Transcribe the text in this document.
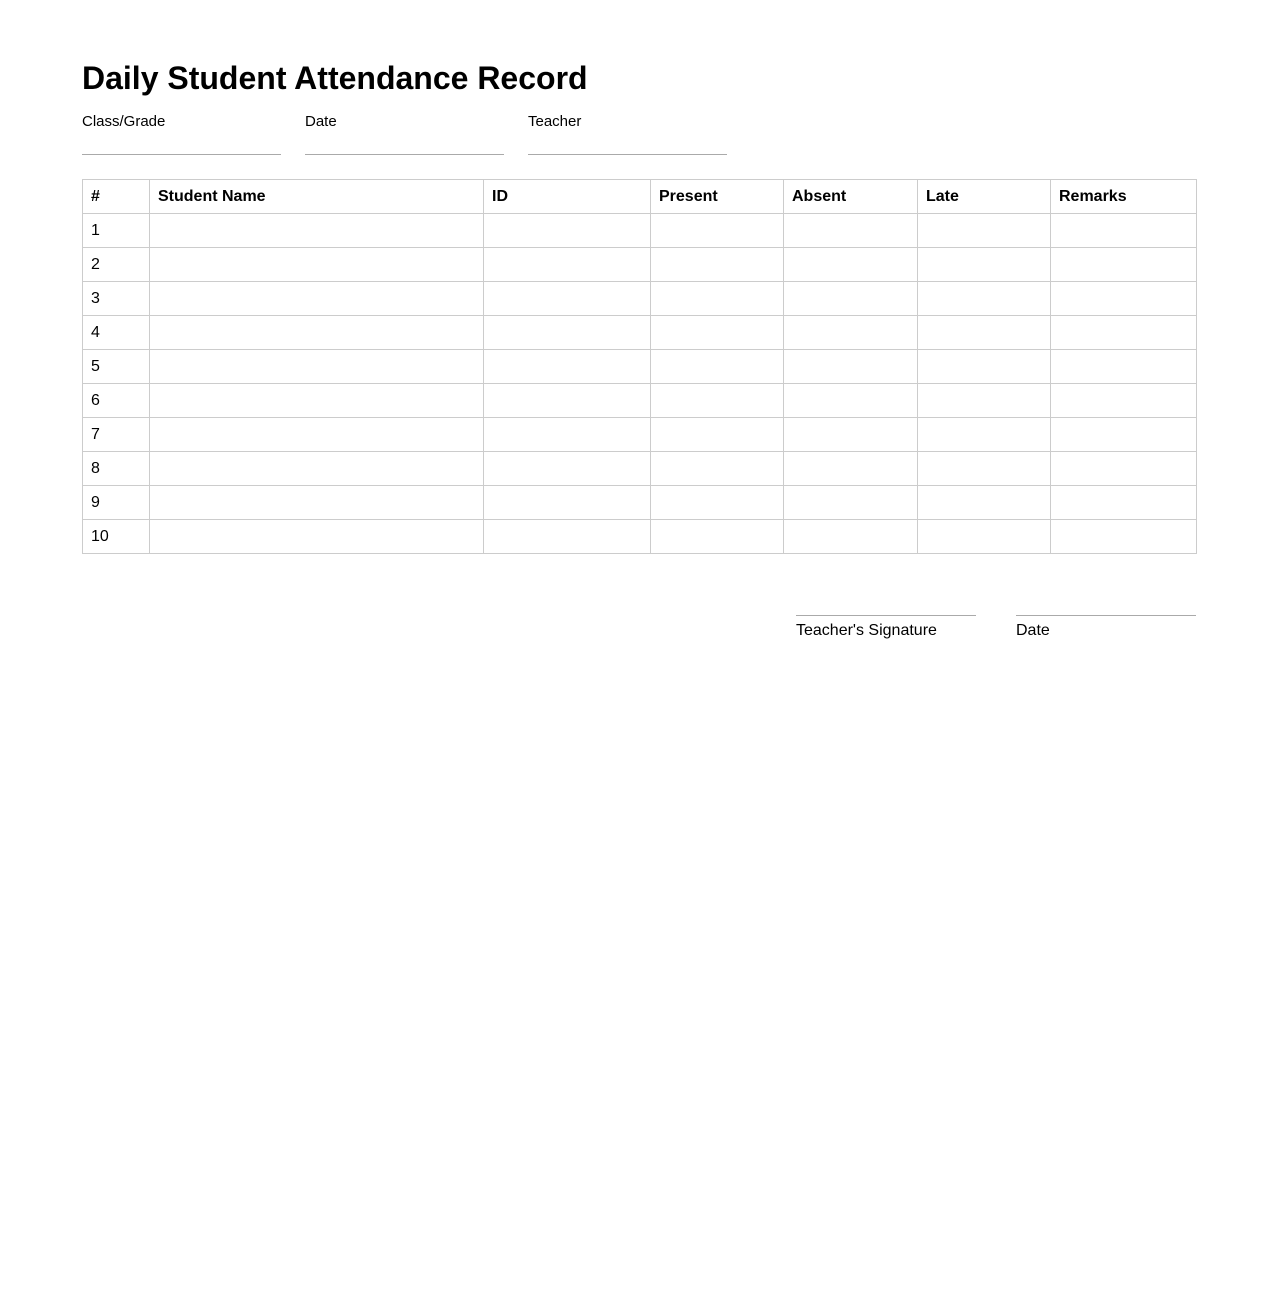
Daily Student Attendance Record
Class/Grade	Date	Teacher
#	Student Name	ID	Present	Absent	Late	Remarks
1						
2						
3						
4						
5						
6						
7						
8						
9						
10						
Teacher's Signature	Date
